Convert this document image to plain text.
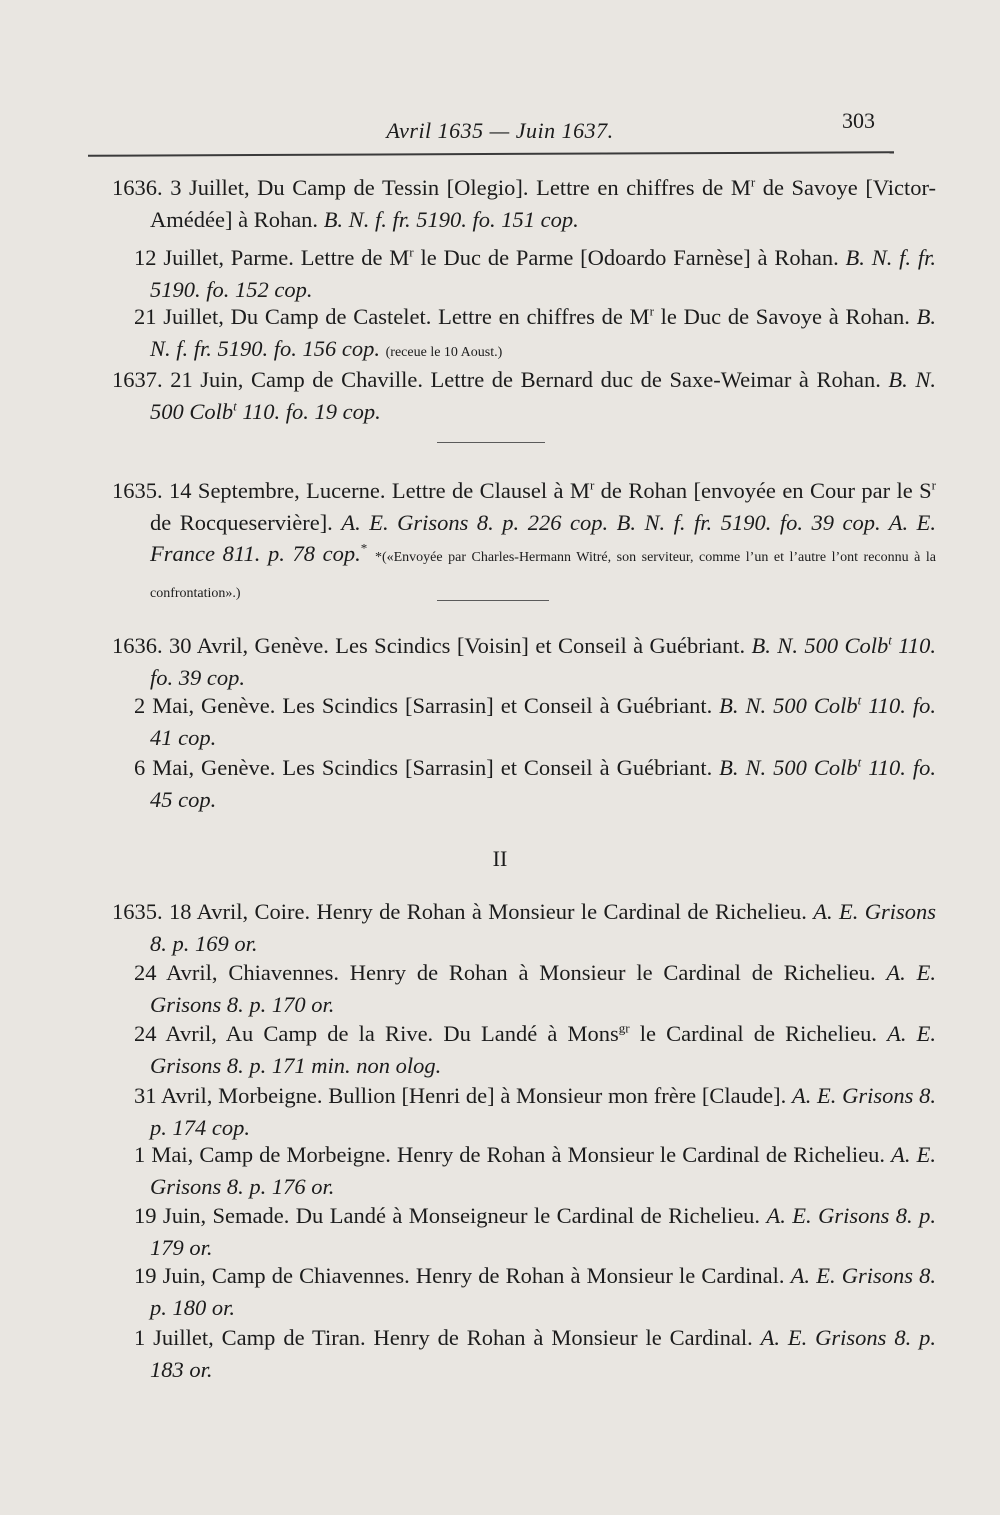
Avril 1635 — Juin 1637.	303
1636. 3 Juillet, Du Camp de Tessin [Olegio]. Lettre en chiffres de $M^r$ de Savoye [Victor-Amédée] à Rohan. B. N. f. fr. 5190. fo. 151 cop.
12 Juillet, Parme. Lettre de $M^r$ le Duc de Parme [Odoardo Farnèse] à Rohan. B. N. f. fr. 5190. fo. 152 cop.
21 Juillet, Du Camp de Castelet. Lettre en chiffres de $M^r$ le Duc de Savoye à Rohan. B. N. f. fr. 5190. fo. 156 cop. (receue le 10 Aoust.)
1637. 21 Juin, Camp de Chaville. Lettre de Bernard duc de Saxe-Weimar à Rohan. B. N. 500 Colb$^t$ 110. fo. 19 cop.
1635. 14 Septembre, Lucerne. Lettre de Clausel à $M^r$ de Rohan [envoyée en Cour par le $S^r$ de Rocqueservière]. A. E. Grisons 8. p. 226 cop. B. N. f. fr. 5190. fo. 39 cop. A. E. France 811. p. 78 cop.* *(«Envoyée par Charles-Hermann Witré, son serviteur, comme l’un et l’autre l’ont reconnu à la confrontation».)
1636. 30 Avril, Genève. Les Scindics [Voisin] et Conseil à Guébriant. B. N. 500 Colb$^t$ 110. fo. 39 cop.
2 Mai, Genève. Les Scindics [Sarrasin] et Conseil à Guébriant. B. N. 500 Colb$^t$ 110. fo. 41 cop.
6 Mai, Genève. Les Scindics [Sarrasin] et Conseil à Guébriant. B. N. 500 Colb$^t$ 110. fo. 45 cop.
II
1635. 18 Avril, Coire. Henry de Rohan à Monsieur le Cardinal de Richelieu. A. E. Grisons 8. p. 169 or.
24 Avril, Chiavennes. Henry de Rohan à Monsieur le Cardinal de Richelieu. A. E. Grisons 8. p. 170 or.
24 Avril, Au Camp de la Rive. Du Landé à Mons$^{gr}$ le Cardinal de Richelieu. A. E. Grisons 8. p. 171 min. non olog.
31 Avril, Morbeigne. Bullion [Henri de] à Monsieur mon frère [Claude]. A. E. Grisons 8. p. 174 cop.
1 Mai, Camp de Morbeigne. Henry de Rohan à Monsieur le Cardinal de Richelieu. A. E. Grisons 8. p. 176 or.
19 Juin, Semade. Du Landé à Monseigneur le Cardinal de Richelieu. A. E. Grisons 8. p. 179 or.
19 Juin, Camp de Chiavennes. Henry de Rohan à Monsieur le Cardinal. A. E. Grisons 8. p. 180 or.
1 Juillet, Camp de Tiran. Henry de Rohan à Monsieur le Cardinal. A. E. Grisons 8. p. 183 or.
